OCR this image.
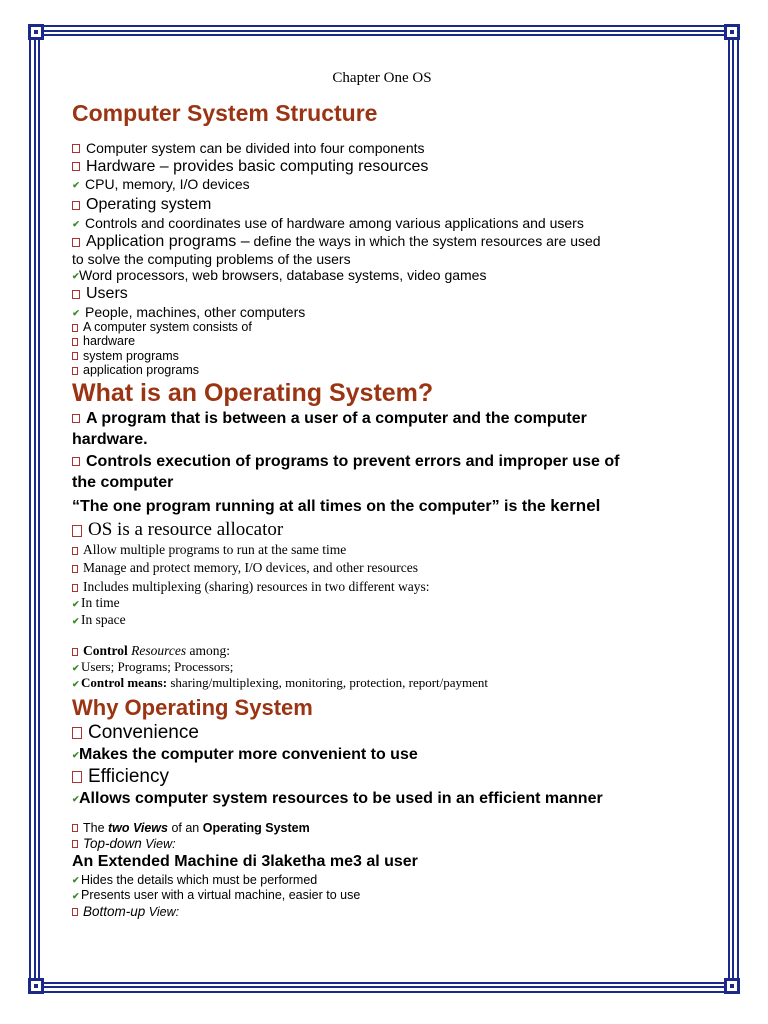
Chapter One OS
Computer System Structure
Computer system can be divided into four components
Hardware – provides basic computing resources
✔ CPU, memory, I/O devices
Operating system
✔ Controls and coordinates use of hardware among various applications and users
Application programs – define the ways in which the system resources are used
to solve the computing problems of the users
✔Word processors, web browsers, database systems, video games
Users
✔ People, machines, other computers
A computer system consists of
hardware
system programs
application programs
What is an Operating System?
A program that is between a user of a computer and the computer
hardware.
Controls execution of programs to prevent errors and improper use of
the computer
“The one program running at all times on the computer” is the kernel
OS is a resource allocator
Allow multiple programs to run at the same time
Manage and protect memory, I/O devices, and other resources
Includes multiplexing (sharing) resources in two different ways:
✔In time
✔In space
Control Resources among:
✔Users; Programs; Processors;
✔Control means: sharing/multiplexing, monitoring, protection, report/payment
Why Operating System
Convenience
✔Makes the computer more convenient to use
Efficiency
✔Allows computer system resources to be used in an efficient manner
The two Views of an Operating System
Top-down View:
An Extended Machine di 3laketha me3 al user
✔Hides the details which must be performed
✔Presents user with a virtual machine, easier to use
Bottom-up View:
